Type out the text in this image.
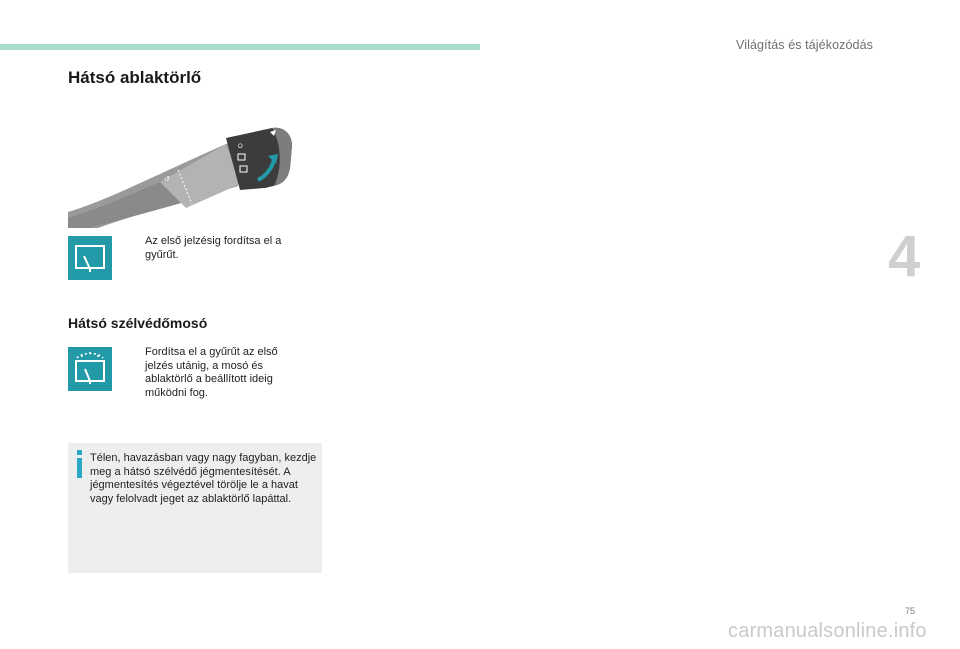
Világítás és tájékozódás
4
Hátsó ablaktörlő
↺
O
Az első jelzésig fordítsa el a gyűrűt.
Hátsó szélvédőmosó
Fordítsa el a gyűrűt az első jelzés utánig, a mosó és ablaktörlő a beállított ideig működni fog.
Télen, havazásban vagy nagy fagyban, kezdje meg a hátsó szélvédő jégmentesítését. A jégmentesítés végeztével törölje le a havat vagy felolvadt jeget az ablaktörlő lapáttal.
75
carmanualsonline.info
